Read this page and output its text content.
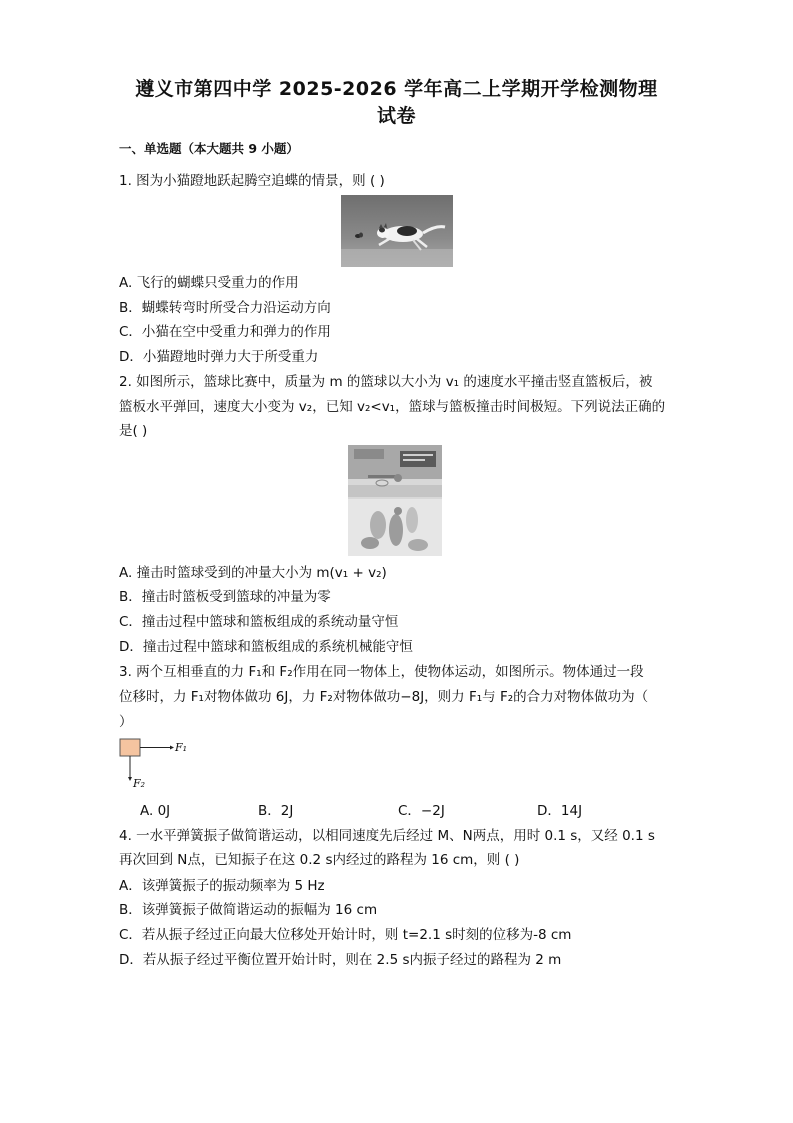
遵义市第四中学 2025-2026 学年高二上学期开学检测物理
试卷
一、单选题（本大题共 9 小题）
1. 图为小猫蹬地跃起腾空追蝶的情景，则 ( )
A. 飞行的蝴蝶只受重力的作用
B．蝴蝶转弯时所受合力沿运动方向
C．小猫在空中受重力和弹力的作用
D．小猫蹬地时弹力大于所受重力
2. 如图所示，篮球比赛中，质量为 m 的篮球以大小为 v₁ 的速度水平撞击竖直篮板后，被
篮板水平弹回，速度大小变为 v₂，已知 v₂<v₁，篮球与篮板撞击时间极短。下列说法正确的
是( )
A. 撞击时篮球受到的冲量大小为 m(v₁ + v₂)
B．撞击时篮板受到篮球的冲量为零
C．撞击过程中篮球和篮板组成的系统动量守恒
D．撞击过程中篮球和篮板组成的系统机械能守恒
3. 两个互相垂直的力 F₁和 F₂作用在同一物体上，使物体运动，如图所示。物体通过一段
位移时，力 F₁对物体做功 6J，力 F₂对物体做功−8J，则力 F₁与 F₂的合力对物体做功为（
）
F₁
F₂
A. 0J	B．2J	C．−2J	D．14J
4. 一水平弹簧振子做简谐运动，以相同速度先后经过 M、N两点，用时 0.1 s，又经 0.1 s
再次回到 N点，已知振子在这 0.2 s内经过的路程为 16 cm，则 ( )
A．该弹簧振子的振动频率为 5 Hz
B．该弹簧振子做简谐运动的振幅为 16 cm
C．若从振子经过正向最大位移处开始计时，则 t=2.1 s时刻的位移为-8 cm
D．若从振子经过平衡位置开始计时，则在 2.5 s内振子经过的路程为 2 m
